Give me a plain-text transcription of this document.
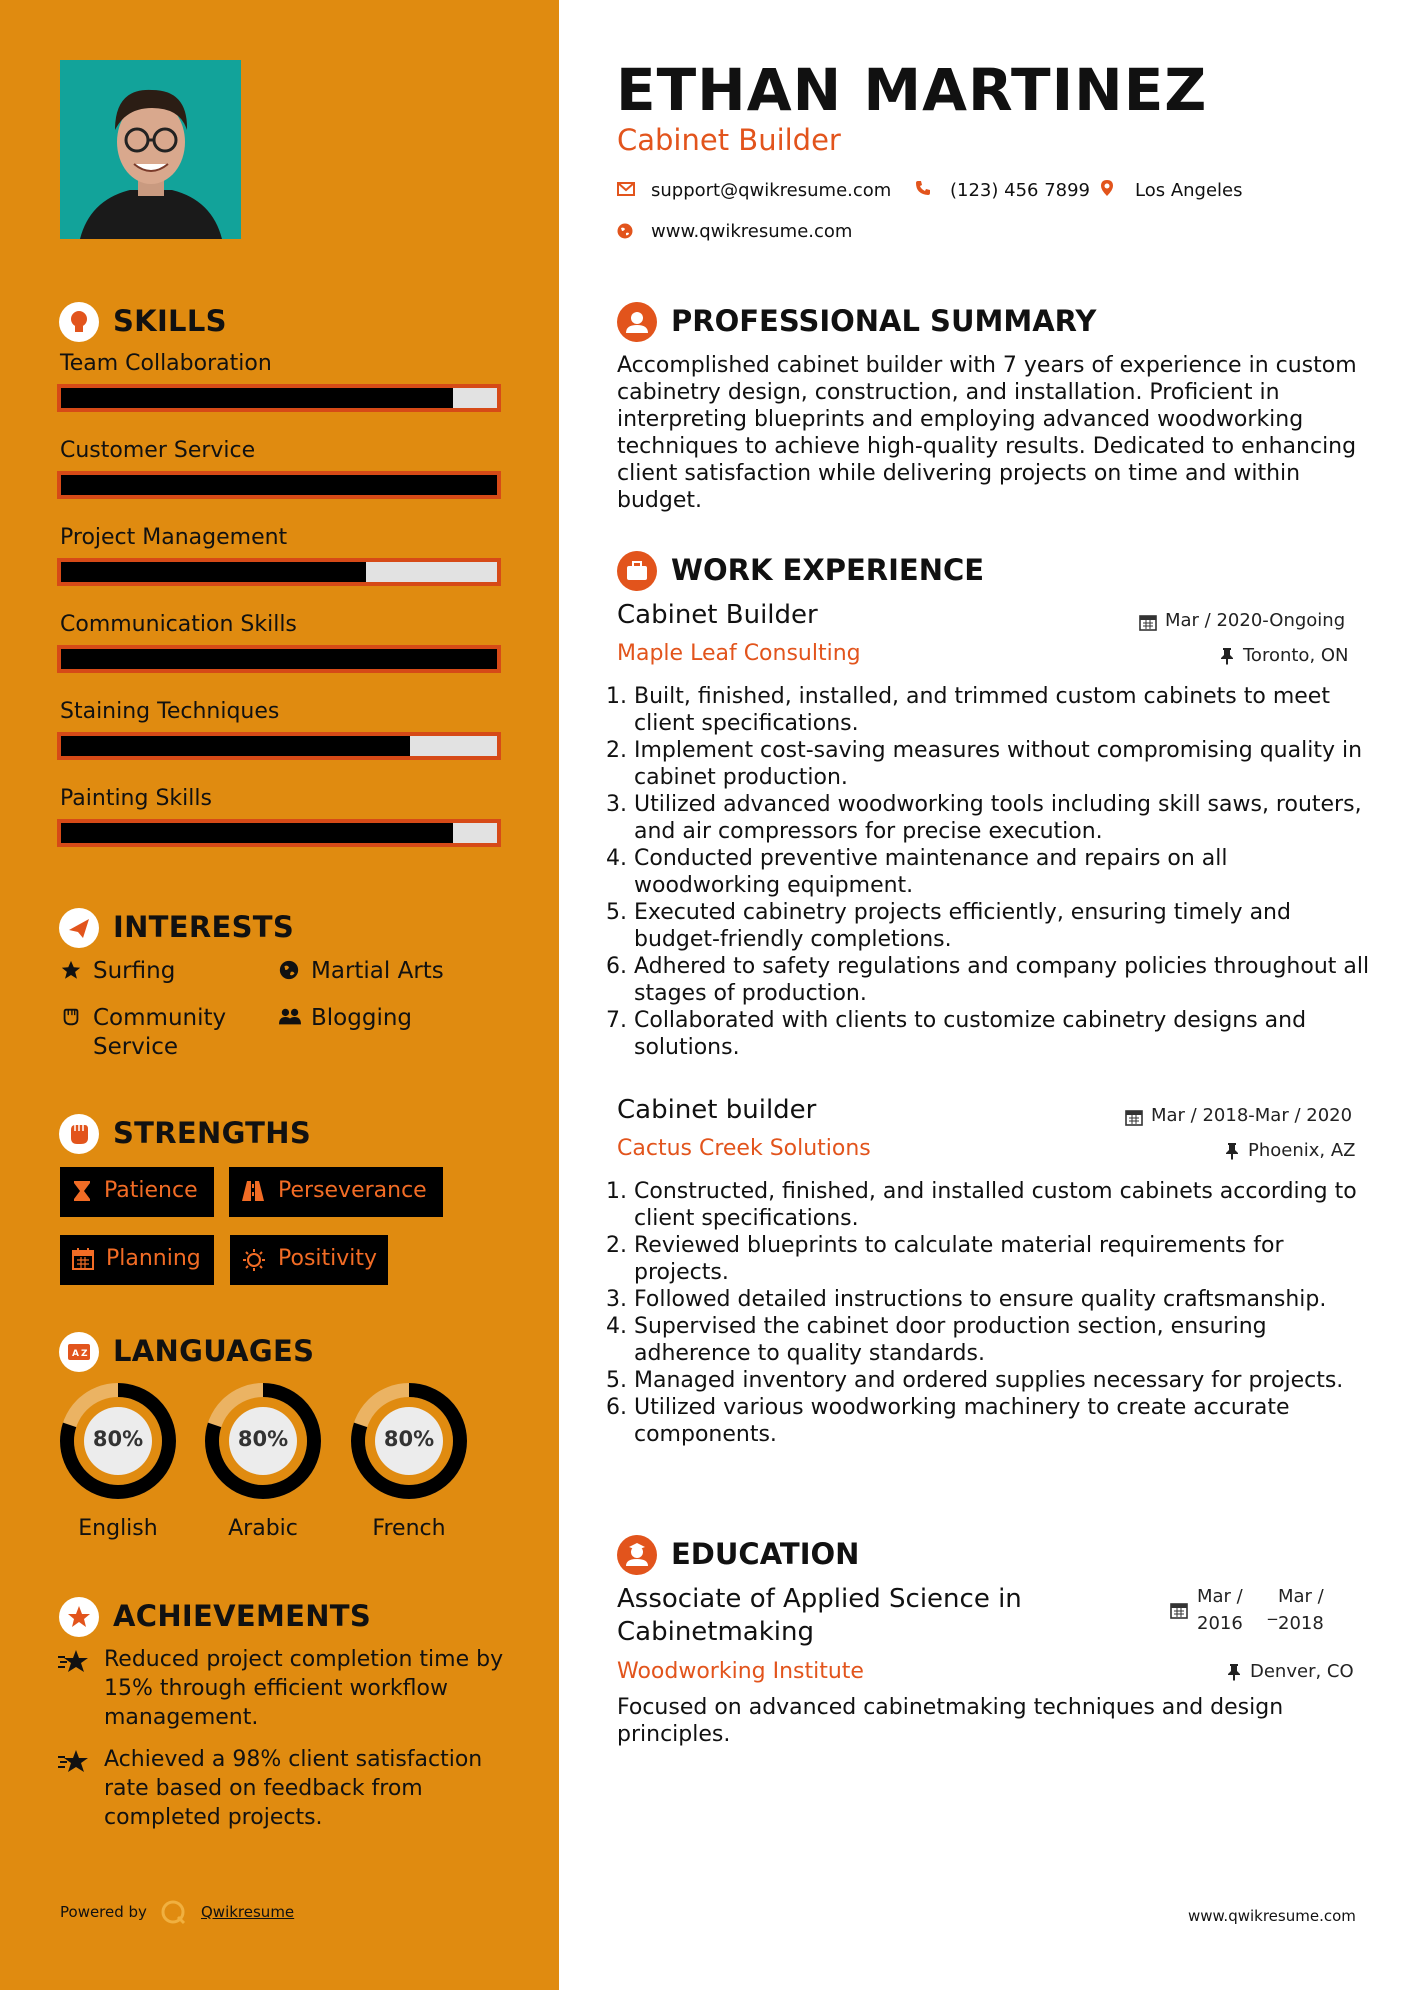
SKILLS
Team Collaboration
Customer Service
Project Management
Communication Skills
Staining Techniques
Painting Skills
INTERESTS
Surfing	Martial Arts
Community
Service
Blogging
STRENGTHS
Patience	Perseverance
Planning	Positivity
A Z LANGUAGES
80%
English
80%
Arabic
80%
French
ACHIEVEMENTS
Reduced project completion time by 15% through efficient workflow management.
Achieved a 98% client satisfaction rate based on feedback from completed projects.
Powered by	Qwikresume
ETHAN MARTINEZ
Cabinet Builder
support@qwikresume.com	(123) 456 7899 Los Angeles
www.qwikresume.com
PROFESSIONAL SUMMARY
Accomplished cabinet builder with 7 years of experience in custom cabinetry design, construction, and installation. Proficient in interpreting blueprints and employing advanced woodworking techniques to achieve high-quality results. Dedicated to enhancing client satisfaction while delivering projects on time and within budget.
WORK EXPERIENCE
Cabinet Builder	Mar / 2020-Ongoing
Maple Leaf Consulting	Toronto, ON
1. Built, finished, installed, and trimmed custom cabinets to meet client specifications.
2. Implement cost-saving measures without compromising quality in cabinet production.
3. Utilized advanced woodworking tools including skill saws, routers, and air compressors for precise execution.
4. Conducted preventive maintenance and repairs on all woodworking equipment.
5. Executed cabinetry projects efficiently, ensuring timely and budget-friendly completions.
6. Adhered to safety regulations and company policies throughout all stages of production.
7. Collaborated with clients to customize cabinetry designs and solutions.
Cabinet builder	Mar / 2018-Mar / 2020
Cactus Creek Solutions	Phoenix, AZ
1. Constructed, finished, and installed custom cabinets according to client specifications.
2. Reviewed blueprints to calculate material requirements for projects.
3. Followed detailed instructions to ensure quality craftsmanship.
4. Supervised the cabinet door production section, ensuring adherence to quality standards.
5. Managed inventory and ordered supplies necessary for projects.
6. Utilized various woodworking machinery to create accurate components.
EDUCATION
Associate of Applied Science in
Cabinetmaking
Mar /
2016
_
Mar /
2018
Woodworking Institute	Denver, CO
Focused on advanced cabinetmaking techniques and design principles.
www.qwikresume.com
